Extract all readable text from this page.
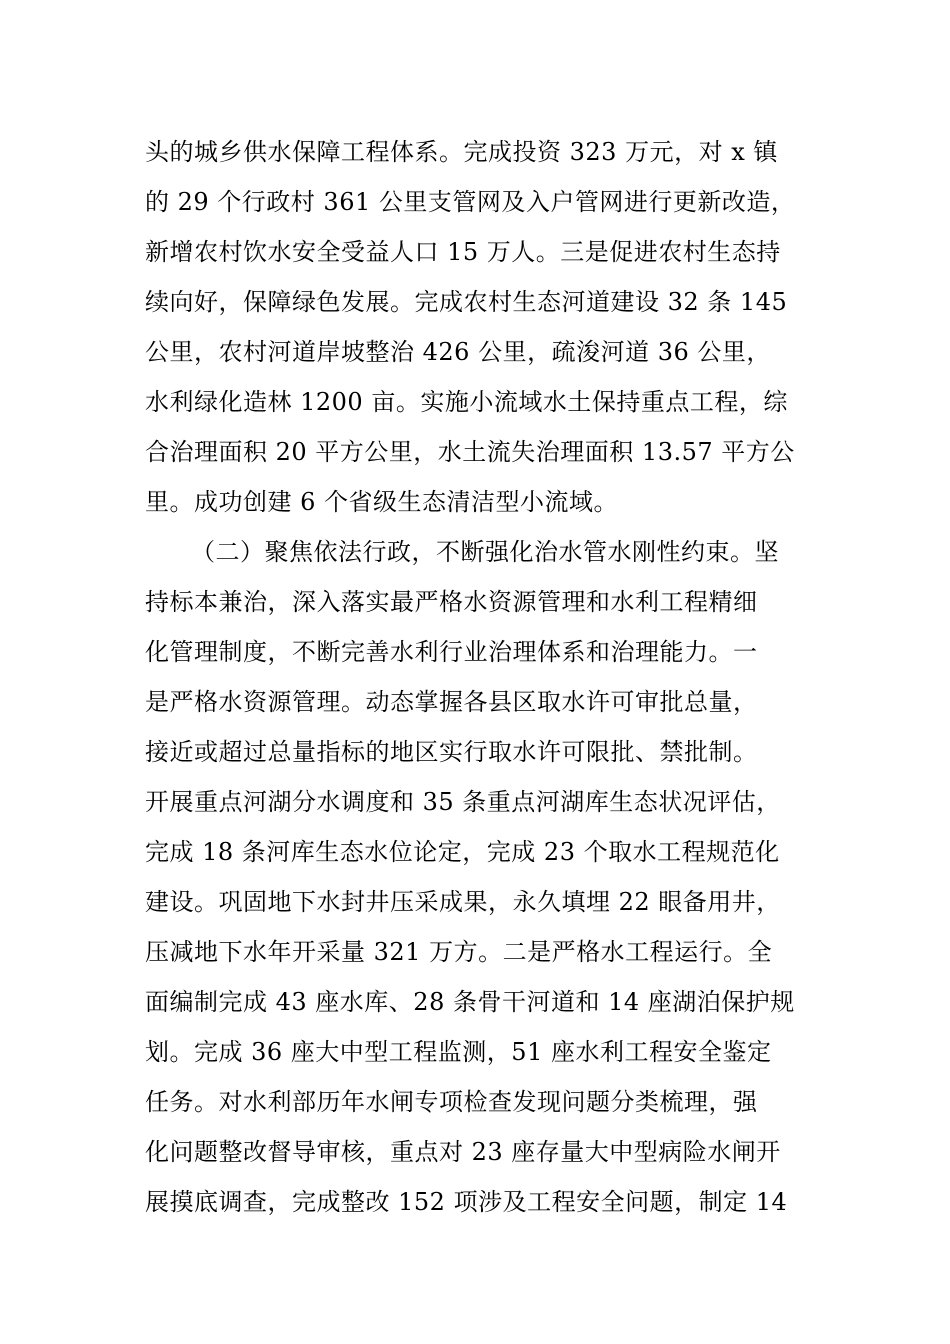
头的城乡供水保障工程体系。完成投资 323 万元，对 x 镇
的 29 个行政村 361 公里支管网及入户管网进行更新改造，
新增农村饮水安全受益人口 15 万人。三是促进农村生态持
续向好，保障绿色发展。完成农村生态河道建设 32 条 145
公里，农村河道岸坡整治 426 公里，疏浚河道 36 公里，
水利绿化造林 1200 亩。实施小流域水土保持重点工程，综
合治理面积 20 平方公里，水土流失治理面积 13.57 平方公
里。成功创建 6 个省级生态清洁型小流域。
（二）聚焦依法行政，不断强化治水管水刚性约束。坚
持标本兼治，深入落实最严格水资源管理和水利工程精细
化管理制度，不断完善水利行业治理体系和治理能力。一
是严格水资源管理。动态掌握各县区取水许可审批总量，
接近或超过总量指标的地区实行取水许可限批、禁批制。
开展重点河湖分水调度和 35 条重点河湖库生态状况评估，
完成 18 条河库生态水位论定，完成 23 个取水工程规范化
建设。巩固地下水封井压采成果，永久填埋 22 眼备用井，
压减地下水年开采量 321 万方。二是严格水工程运行。全
面编制完成 43 座水库、28 条骨干河道和 14 座湖泊保护规
划。完成 36 座大中型工程监测，51 座水利工程安全鉴定
任务。对水利部历年水闸专项检查发现问题分类梳理，强
化问题整改督导审核，重点对 23 座存量大中型病险水闸开
展摸底调查，完成整改 152 项涉及工程安全问题，制定 14
